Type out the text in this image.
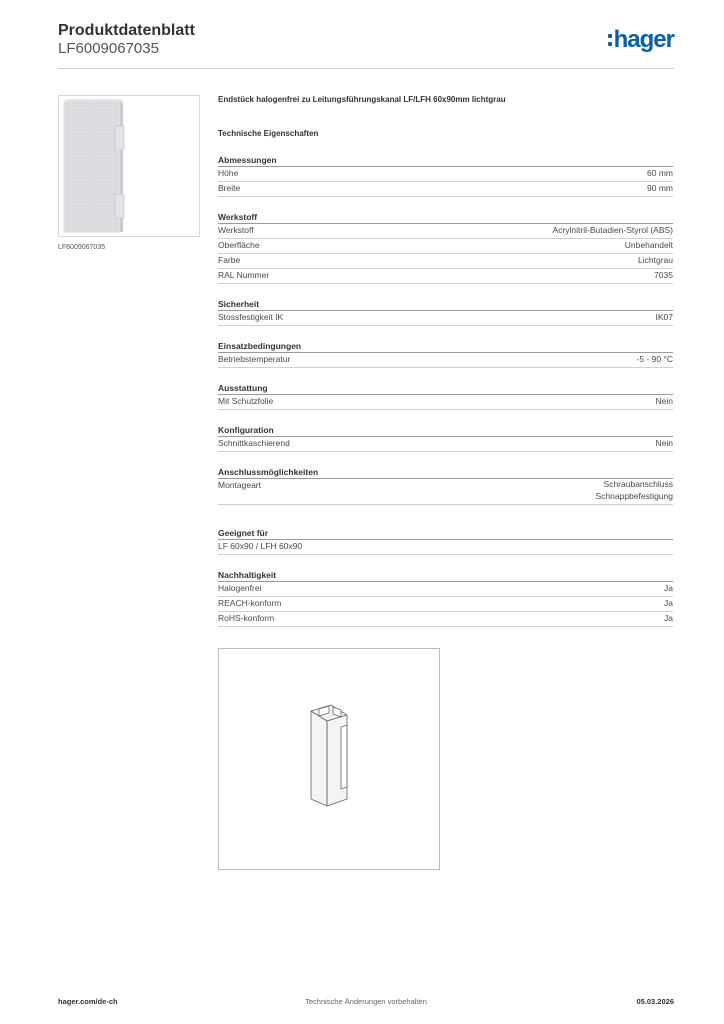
Produktdatenblatt
LF6009067035	hager
LF6009067035
Endstück halogenfrei zu Leitungsführungskanal LF/LFH 60x90mm lichtgrau
Technische Eigenschaften
Abmessungen
Höhe	60 mm
Breite	90 mm
Werkstoff
Werkstoff	Acrylnitril-Butadien-Styrol (ABS)
Oberfläche	Unbehandelt
Farbe	Lichtgrau
RAL Nummer	7035
Sicherheit
Stossfestigkeit IK	IK07
Einsatzbedingungen
Betriebstemperatur	-5 - 90 °C
Ausstattung
Mit Schutzfolie	Nein
Konfiguration
Schnittkaschierend	Nein
Anschlussmöglichkeiten
Montageart	Schraubanschluss
Schnappbefestigung
Geeignet für
LF 60x90 / LFH 60x90
Nachhaltigkeit
Halogenfrei	Ja
REACH-konform	Ja
RoHS-konform	Ja
hager.com/de-ch	Technische Änderungen vorbehalten	05.03.2026
